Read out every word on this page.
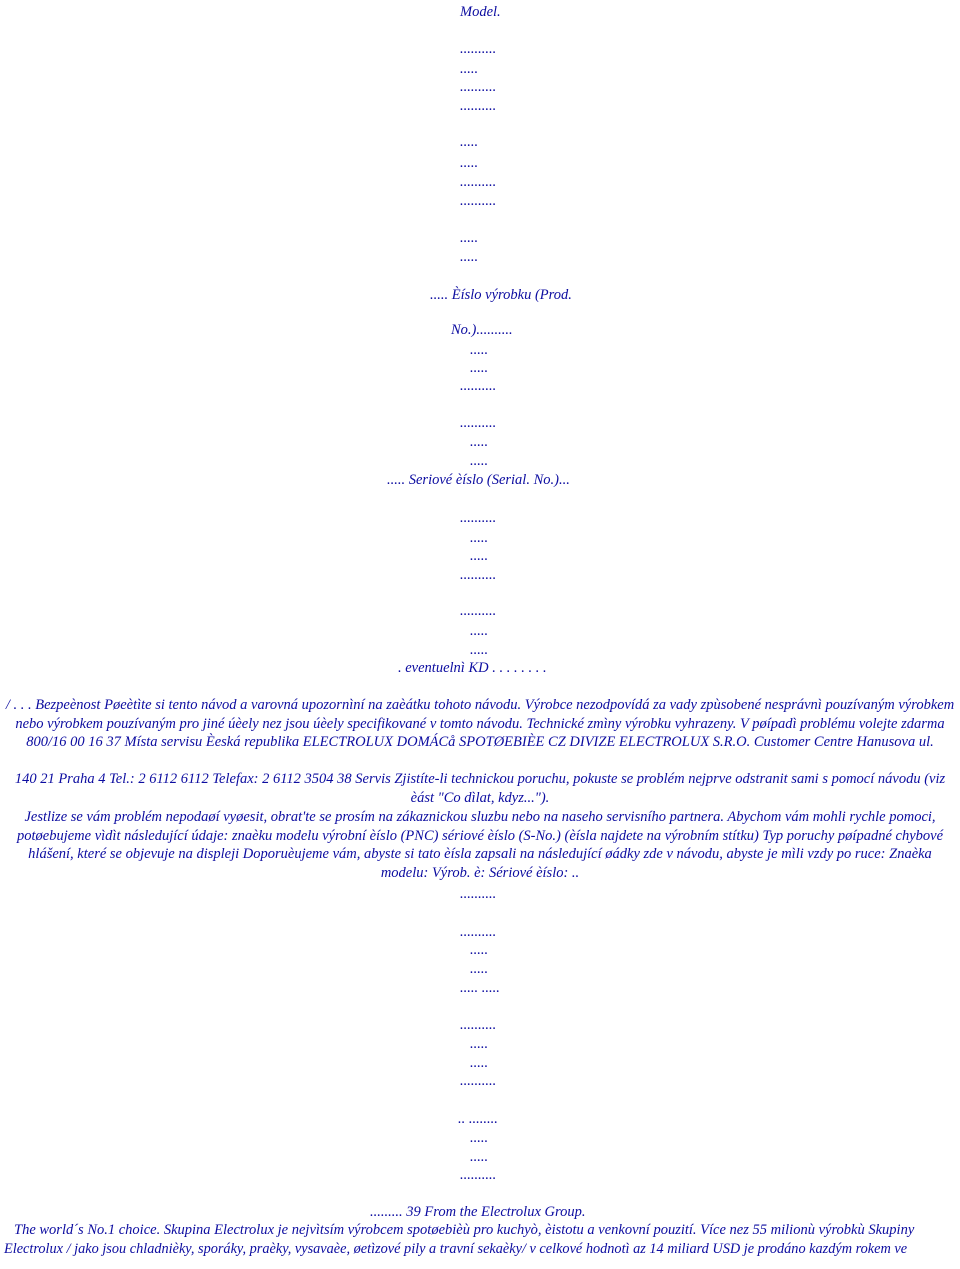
Model.
..........
.....
..........
..........
.....
.....
..........
..........
.....
.....
..... Èíslo výrobku (Prod.
No.)..........
.....
.....
..........
..........
.....
.....
..... Seriové èíslo (Serial. No.)...
..........
.....
.....
..........
..........
.....
.....
. eventuelnì KD . . . . . . . .
/ . . . Bezpeènost Pøeètìte si tento návod a varovná upozornìní na zaèátku tohoto návodu. Výrobce nezodpovídá za vady zpùsobené nesprávnì pouzívaným výrobkem nebo výrobkem pouzívaným pro jiné úèely nez jsou úèely specifikované v tomto návodu. Technické zmìny výrobku vyhrazeny. V pøípadì problému volejte zdarma 800/16 00 16 37 Místa servisu Èeská republika ELECTROLUX DOMÁCå SPOTØEBIÈE CZ DIVIZE ELECTROLUX S.R.O. Customer Centre Hanusova ul.
140 21 Praha 4 Tel.: 2 6112 6112 Telefax: 2 6112 3504 38 Servis Zjistíte-li technickou poruchu, pokuste se problém nejprve odstranit sami s pomocí návodu (viz èást "Co dìlat, kdyz...").
Jestlize se vám problém nepodaøí vyøesit, obrat'te se prosím na zákaznickou sluzbu nebo na naseho servisního partnera. Abychom vám mohli rychle pomoci, potøebujeme vìdìt následující údaje: znaèku modelu výrobní èíslo (PNC) sériové èíslo (S-No.) (èísla najdete na výrobním stítku) Typ poruchy pøípadné chybové hlášení, které se objevuje na displeji Doporuèujeme vám, abyste si tato èísla zapsali na následující øádky zde v návodu, abyste je mìli vzdy po ruce: Znaèka modelu: Výrob. è: Sériové èíslo: ..
..........
..........
.....
.....
..... .....
..........
.....
.....
..........
.. ........
.....
.....
..........
......... 39 From the Electrolux Group.
The world´s No.1 choice. Skupina Electrolux je nejvìtsím výrobcem spotøebièù pro kuchyò, èistotu a venkovní pouzití. Více nez 55 milionù výrobkù Skupiny
Electrolux / jako jsou chladnièky, sporáky, praèky, vysavaèe, øetìzové pily a travní sekaèky/ v celkové hodnotì az 14 miliard USD je prodáno kazdým rokem ve
